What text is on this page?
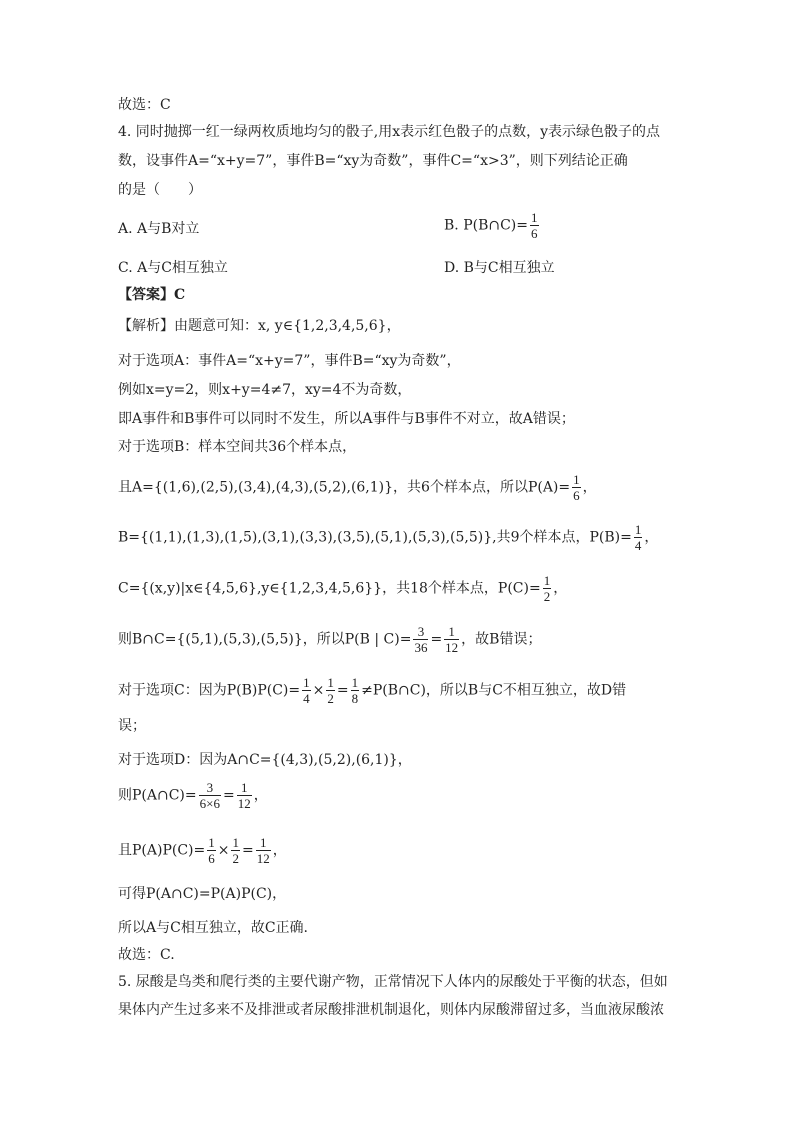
故选：C
4. 同时抛掷一红一绿两枚质地均匀的骰子,用x表示红色骰子的点数，y表示绿色骰子的点
数，设事件A=“x+y=7”，事件B=“xy为奇数”，事件C=“x>3”，则下列结论正确
的是（　　）
A. A与B对立	B. P(B∩C)= $\frac{1}{6}$
C. A与C相互独立	D. B与C相互独立
【答案】C
【解析】由题意可知：x, y∈{1,2,3,4,5,6}，
对于选项A：事件A=“x+y=7”，事件B=“xy为奇数”，
例如x=y=2，则x+y=4≠7，xy=4不为奇数，
即A事件和B事件可以同时不发生，所以A事件与B事件不对立，故A错误；
对于选项B：样本空间共36个样本点，
且A={(1,6),(2,5),(3,4),(4,3),(5,2),(6,1)}，共6个样本点，所以$P(A)= \frac{1}{6}$ ，
B={(1,1),(1,3),(1,5),(3,1),(3,3),(3,5),(5,1),(5,3),(5,5)},共9个样本点，$P(B)= \frac{1}{4}$ ，
C={(x,y)|x∈{4,5,6},y∈{1,2,3,4,5,6}}，共18个样本点，$P(C)= \frac{1}{2}$ ，
则B∩C={(5,1),(5,3),(5,5)}，所以P(B | $C)= \frac{3}{36} = \frac{1}{12}$ ，故B错误；
对于选项C：因为$P(B)P(C)= \frac{1}{4} \times \frac{1}{2} = \frac{1}{8}$ ≠P(B∩C)，所以B与C不相互独立，故D错
误；
对于选项D：因为A∩C={(4,3),(5,2),(6,1)}，
则P(A∩C)= $\frac{3}{6\times 6} = \frac{1}{12}$ ，
且$P(A)P(C)= \frac{1}{6} \times \frac{1}{2} = \frac{1}{12}$ ，
可得P(A∩C)=P(A)P(C)，
所以A与C相互独立，故C正确.
故选：C.
5. 尿酸是鸟类和爬行类的主要代谢产物，正常情况下人体内的尿酸处于平衡的状态，但如
果体内产生过多来不及排泄或者尿酸排泄机制退化，则体内尿酸滞留过多，当血液尿酸浓
